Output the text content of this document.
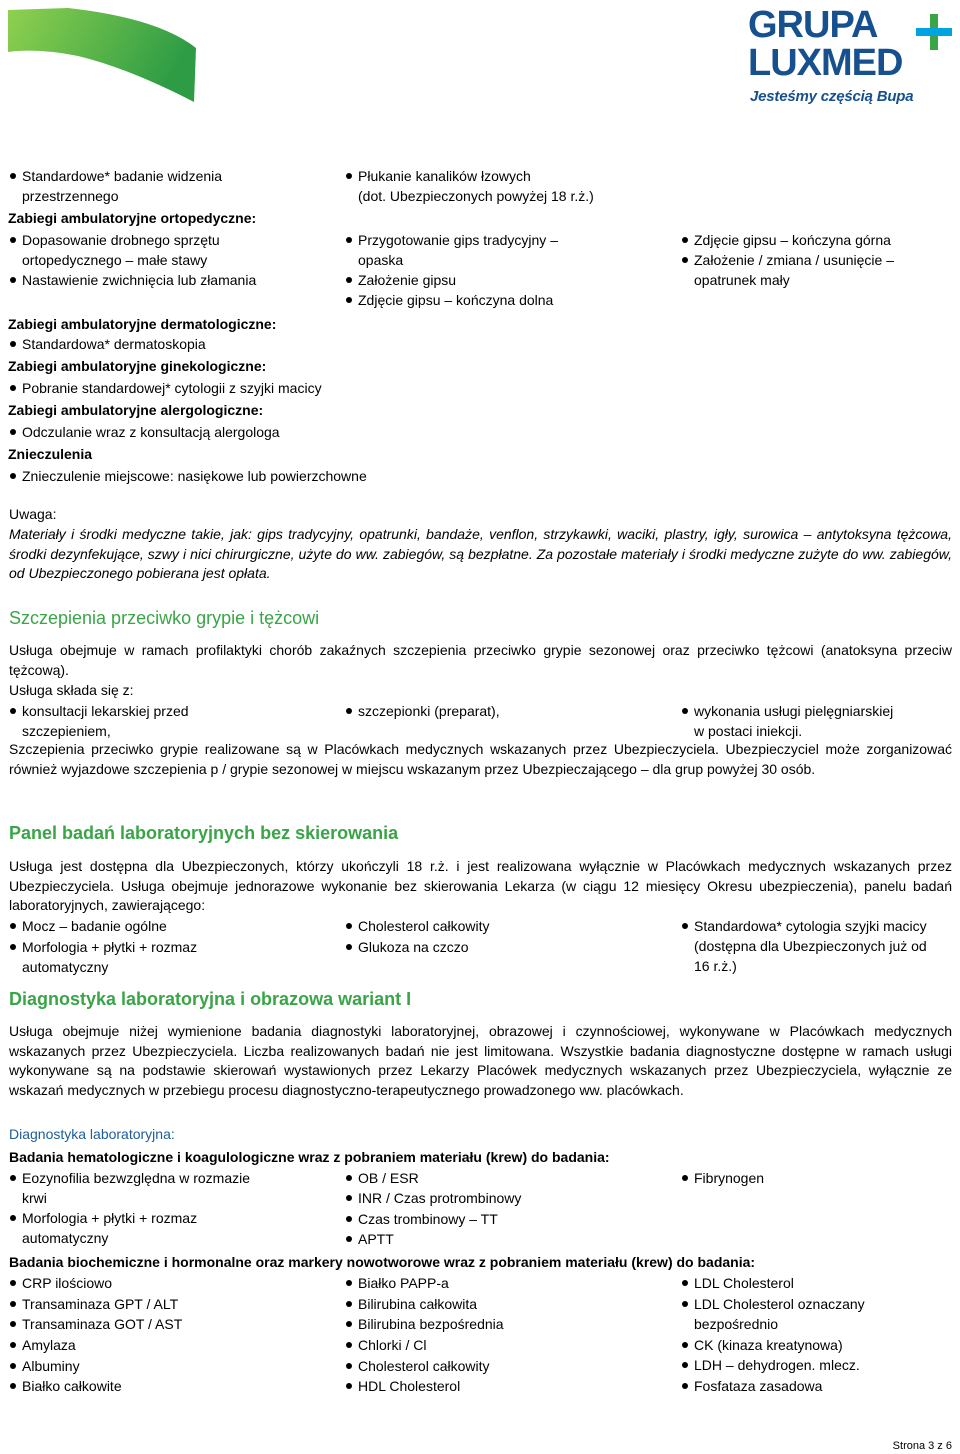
GRUPA
LUXMED
Jesteśmy częścią Bupa
Standardowe* badanie widzenia
przestrzennego
Płukanie kanalików łzowych
(dot. Ubezpieczonych powyżej 18 r.ż.)
Zabiegi ambulatoryjne ortopedyczne:
Dopasowanie drobnego sprzętu
ortopedycznego – małe stawy
Nastawienie zwichnięcia lub złamania
Przygotowanie gips tradycyjny –
opaska
Założenie gipsu
Zdjęcie gipsu – kończyna dolna
Zdjęcie gipsu – kończyna górna
Założenie / zmiana / usunięcie –
opatrunek mały
Zabiegi ambulatoryjne dermatologiczne:
Standardowa* dermatoskopia
Zabiegi ambulatoryjne ginekologiczne:
Pobranie standardowej* cytologii z szyjki macicy
Zabiegi ambulatoryjne alergologiczne:
Odczulanie wraz z konsultacją alergologa
Znieczulenia
Znieczulenie miejscowe: nasiękowe lub powierzchowne
Uwaga:
Materiały i środki medyczne takie, jak: gips tradycyjny, opatrunki, bandaże, venflon, strzykawki, waciki, plastry, igły, surowica – antytoksyna tężcowa, środki dezynfekujące, szwy i nici chirurgiczne, użyte do ww. zabiegów, są bezpłatne. Za pozostałe materiały i środki medyczne zużyte do ww. zabiegów, od Ubezpieczonego pobierana jest opłata.
Szczepienia przeciwko grypie i tężcowi
Usługa obejmuje w ramach profilaktyki chorób zakaźnych szczepienia przeciwko grypie sezonowej oraz przeciwko tężcowi (anatoksyna przeciw tężcową).
Usługa składa się z:
konsultacji lekarskiej przed
szczepieniem,
szczepionki (preparat),	wykonania usługi pielęgniarskiej
w postaci iniekcji.
Szczepienia przeciwko grypie realizowane są w Placówkach medycznych wskazanych przez Ubezpieczyciela. Ubezpieczyciel może zorganizować również wyjazdowe szczepienia p / grypie sezonowej w miejscu wskazanym przez Ubezpieczającego – dla grup powyżej 30 osób.
Panel badań laboratoryjnych bez skierowania
Usługa jest dostępna dla Ubezpieczonych, którzy ukończyli 18 r.ż. i jest realizowana wyłącznie w Placówkach medycznych wskazanych przez Ubezpieczyciela. Usługa obejmuje jednorazowe wykonanie bez skierowania Lekarza (w ciągu 12 miesięcy Okresu ubezpieczenia), panelu badań laboratoryjnych, zawierającego:
Mocz – badanie ogólne
Morfologia + płytki + rozmaz
automatyczny
Cholesterol całkowity
Glukoza na czczo
Standardowa* cytologia szyjki macicy
(dostępna dla Ubezpieczonych już od
16 r.ż.)
Diagnostyka laboratoryjna i obrazowa wariant I
Usługa obejmuje niżej wymienione badania diagnostyki laboratoryjnej, obrazowej i czynnościowej, wykonywane w Placówkach medycznych wskazanych przez Ubezpieczyciela. Liczba realizowanych badań nie jest limitowana. Wszystkie badania diagnostyczne dostępne w ramach usługi wykonywane są na podstawie skierowań wystawionych przez Lekarzy Placówek medycznych wskazanych przez Ubezpieczyciela, wyłącznie ze wskazań medycznych w przebiegu procesu diagnostyczno-terapeutycznego prowadzonego ww. placówkach.
Diagnostyka laboratoryjna:
Badania hematologiczne i koagulologiczne wraz z pobraniem materiału (krew) do badania:
Eozynofilia bezwzględna w rozmazie
krwi
Morfologia + płytki + rozmaz
automatyczny
OB / ESR
INR / Czas protrombinowy
Czas trombinowy – TT
APTT
Fibrynogen
Badania biochemiczne i hormonalne oraz markery nowotworowe wraz z pobraniem materiału (krew) do badania:
CRP ilościowo
Transaminaza GPT / ALT
Transaminaza GOT / AST
Amylaza
Albuminy
Białko całkowite
Białko PAPP-a
Bilirubina całkowita
Bilirubina bezpośrednia
Chlorki / Cl
Cholesterol całkowity
HDL Cholesterol
LDL Cholesterol
LDL Cholesterol oznaczany
bezpośrednio
CK (kinaza kreatynowa)
LDH – dehydrogen. mlecz.
Fosfataza zasadowa
Strona 3 z 6
